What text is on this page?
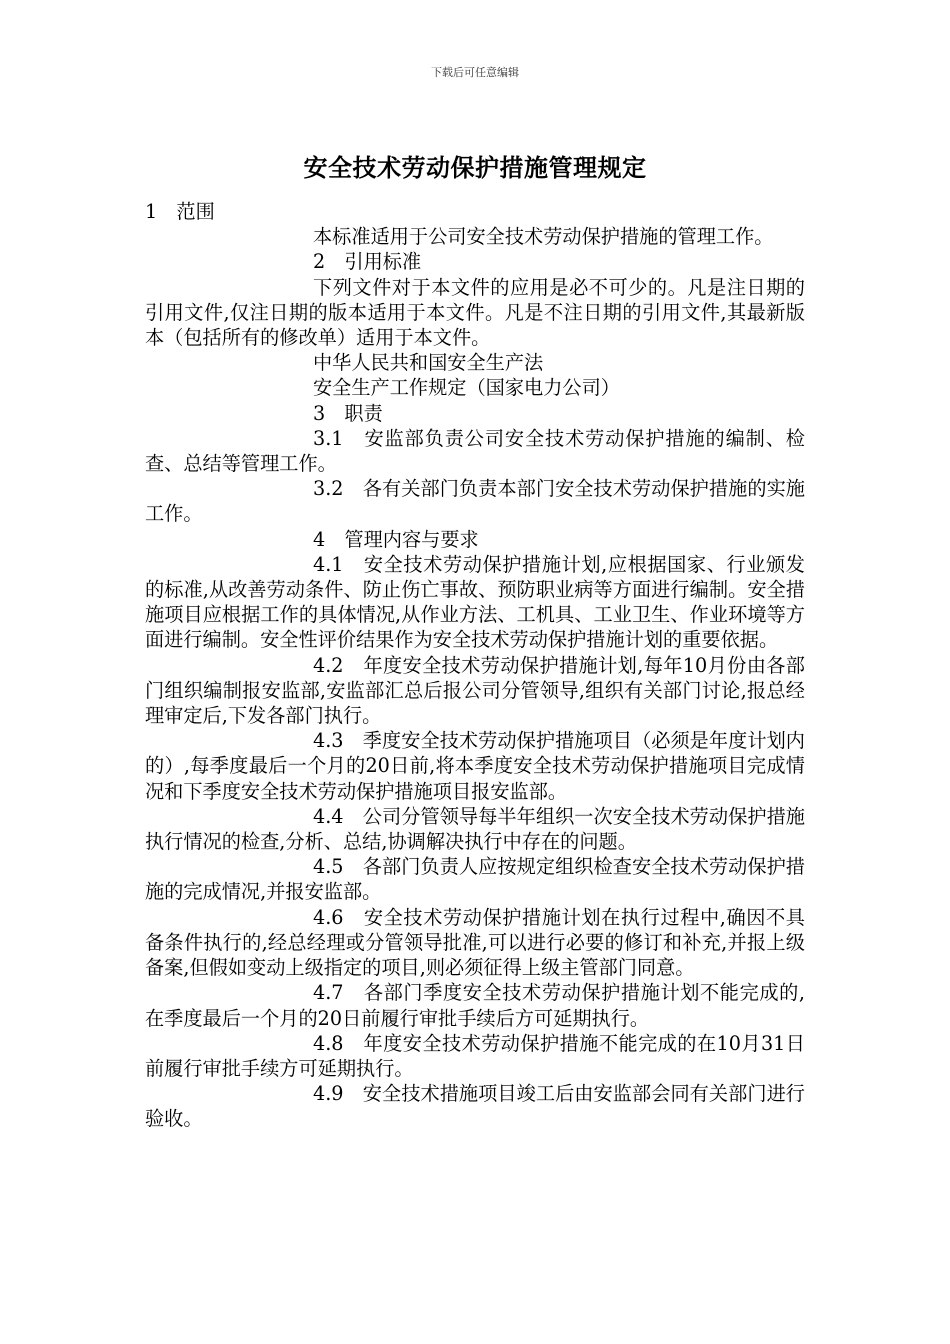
下载后可任意编辑
安全技术劳动保护措施管理规定

1　范围

本标准适用于公司安全技术劳动保护措施的管理工作。

2　引用标准

下列文件对于本文件的应用是必不可少的。凡是注日期的引用文件,仅注日期的版本适用于本文件。凡是不注日期的引用文件,其最新版本（包括所有的修改单）适用于本文件。

中华人民共和国安全生产法

安全生产工作规定（国家电力公司）

3　职责

3.1　安监部负责公司安全技术劳动保护措施的编制、检查、总结等管理工作。

3.2　各有关部门负责本部门安全技术劳动保护措施的实施工作。

4　管理内容与要求

4.1　安全技术劳动保护措施计划,应根据国家、行业颁发的标准,从改善劳动条件、防止伤亡事故、预防职业病等方面进行编制。安全措施项目应根据工作的具体情况,从作业方法、工机具、工业卫生、作业环境等方面进行编制。安全性评价结果作为安全技术劳动保护措施计划的重要依据。

4.2　年度安全技术劳动保护措施计划,每年10月份由各部门组织编制报安监部,安监部汇总后报公司分管领导,组织有关部门讨论,报总经理审定后,下发各部门执行。

4.3　季度安全技术劳动保护措施项目（必须是年度计划内的）,每季度最后一个月的20日前,将本季度安全技术劳动保护措施项目完成情况和下季度安全技术劳动保护措施项目报安监部。

4.4　公司分管领导每半年组织一次安全技术劳动保护措施执行情况的检查,分析、总结,协调解决执行中存在的问题。

4.5　各部门负责人应按规定组织检查安全技术劳动保护措施的完成情况,并报安监部。

4.6　安全技术劳动保护措施计划在执行过程中,确因不具备条件执行的,经总经理或分管领导批准,可以进行必要的修订和补充,并报上级备案,但假如变动上级指定的项目,则必须征得上级主管部门同意。

4.7　各部门季度安全技术劳动保护措施计划不能完成的,在季度最后一个月的20日前履行审批手续后方可延期执行。

4.8　年度安全技术劳动保护措施不能完成的在10月31日前履行审批手续方可延期执行。

4.9　安全技术措施项目竣工后由安监部会同有关部门进行验收。
